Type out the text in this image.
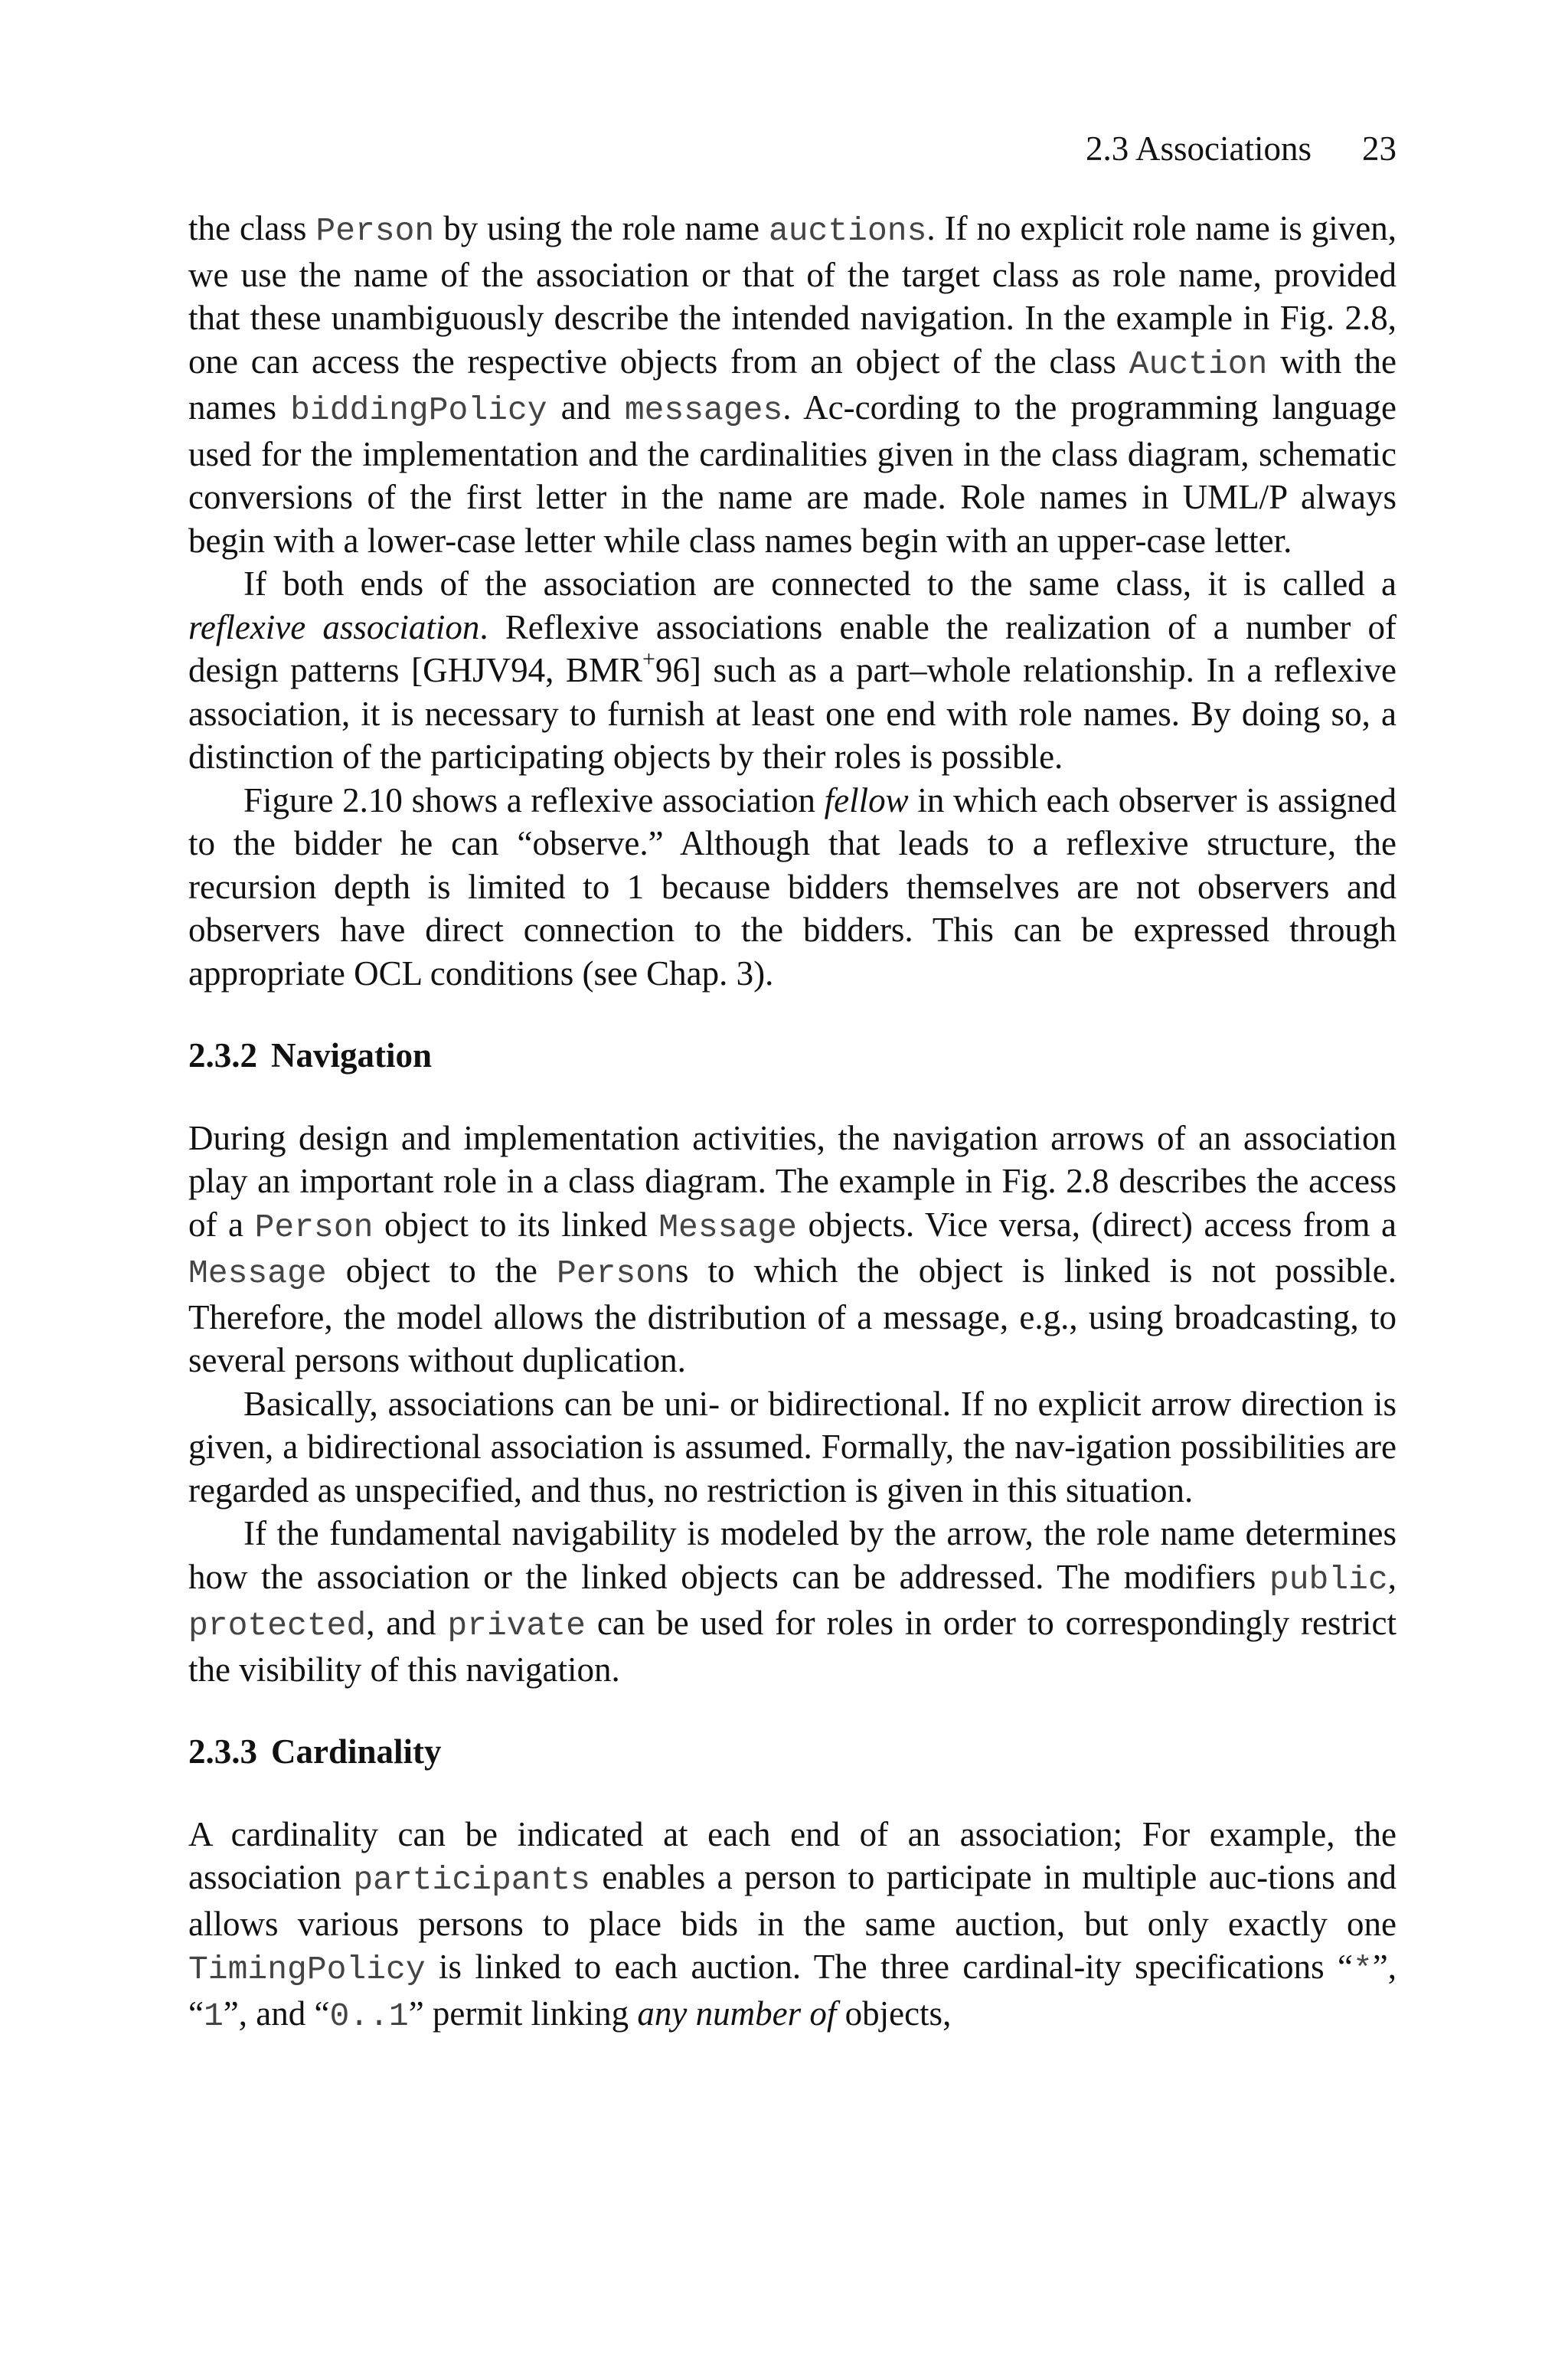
2.3 Associations 23

the class Person by using the role name auctions. If no explicit role name is given, we use the name of the association or that of the target class as role name, provided that these unambiguously describe the intended navigation. In the example in Fig. 2.8, one can access the respective objects from an object of the class Auction with the names biddingPolicy and messages. Ac-cording to the programming language used for the implementation and the cardinalities given in the class diagram, schematic conversions of the first letter in the name are made. Role names in UML/P always begin with a lower-case letter while class names begin with an upper-case letter.

If both ends of the association are connected to the same class, it is called a reflexive association. Reflexive associations enable the realization of a number of design patterns [GHJV94, BMR+96] such as a part–whole relationship. In a reflexive association, it is necessary to furnish at least one end with role names. By doing so, a distinction of the participating objects by their roles is possible.

Figure 2.10 shows a reflexive association fellow in which each observer is assigned to the bidder he can “observe.” Although that leads to a reflexive structure, the recursion depth is limited to 1 because bidders themselves are not observers and observers have direct connection to the bidders. This can be expressed through appropriate OCL conditions (see Chap. 3).

2.3.2 Navigation

During design and implementation activities, the navigation arrows of an association play an important role in a class diagram. The example in Fig. 2.8 describes the access of a Person object to its linked Message objects. Vice versa, (direct) access from a Message object to the Persons to which the object is linked is not possible. Therefore, the model allows the distribution of a message, e.g., using broadcasting, to several persons without duplication.

Basically, associations can be uni- or bidirectional. If no explicit arrow direction is given, a bidirectional association is assumed. Formally, the nav-igation possibilities are regarded as unspecified, and thus, no restriction is given in this situation.

If the fundamental navigability is modeled by the arrow, the role name determines how the association or the linked objects can be addressed. The modifiers public, protected, and private can be used for roles in order to correspondingly restrict the visibility of this navigation.

2.3.3 Cardinality

A cardinality can be indicated at each end of an association; For example, the association participants enables a person to participate in multiple auc-tions and allows various persons to place bids in the same auction, but only exactly one TimingPolicy is linked to each auction. The three cardinal-ity specifications “*”, “1”, and “0..1” permit linking any number of objects,
